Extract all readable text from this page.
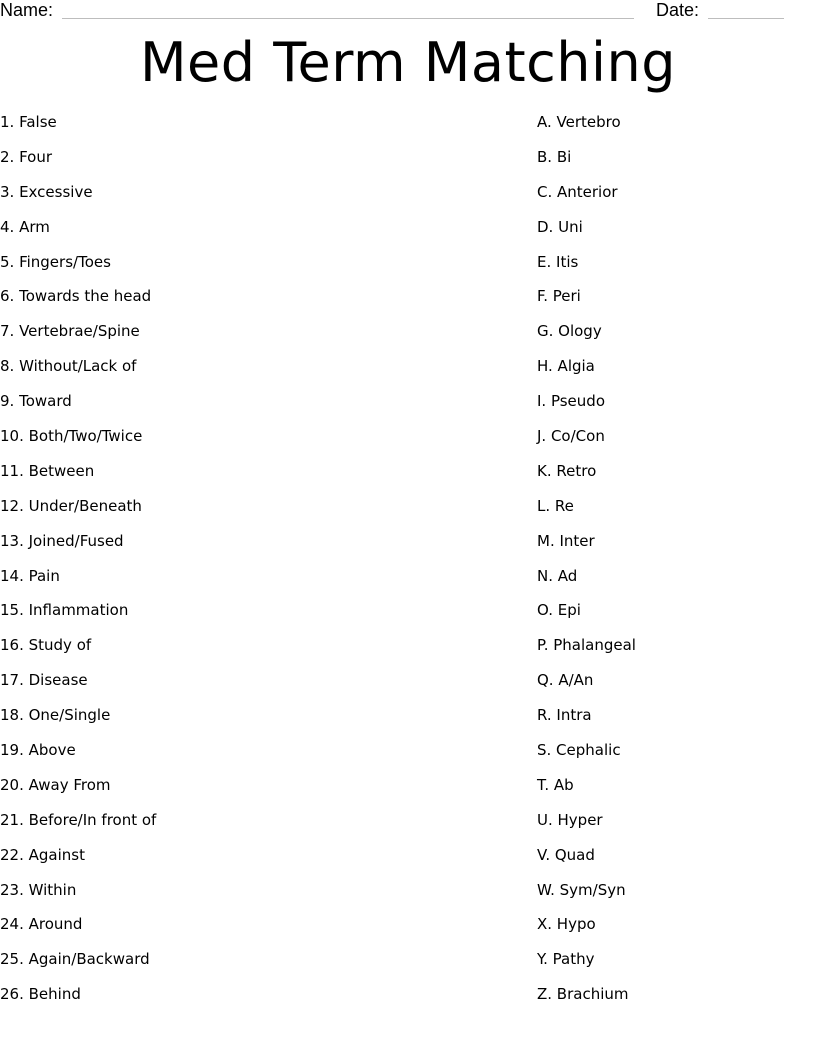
Name:	Date:
Med Term Matching
1. False
2. Four
3. Excessive
4. Arm
5. Fingers/Toes
6. Towards the head
7. Vertebrae/Spine
8. Without/Lack of
9. Toward
10. Both/Two/Twice
11. Between
12. Under/Beneath
13. Joined/Fused
14. Pain
15. Inflammation
16. Study of
17. Disease
18. One/Single
19. Above
20. Away From
21. Before/In front of
22. Against
23. Within
24. Around
25. Again/Backward
26. Behind
A. Vertebro
B. Bi
C. Anterior
D. Uni
E. Itis
F. Peri
G. Ology
H. Algia
I. Pseudo
J. Co/Con
K. Retro
L. Re
M. Inter
N. Ad
O. Epi
P. Phalangeal
Q. A/An
R. Intra
S. Cephalic
T. Ab
U. Hyper
V. Quad
W. Sym/Syn
X. Hypo
Y. Pathy
Z. Brachium
